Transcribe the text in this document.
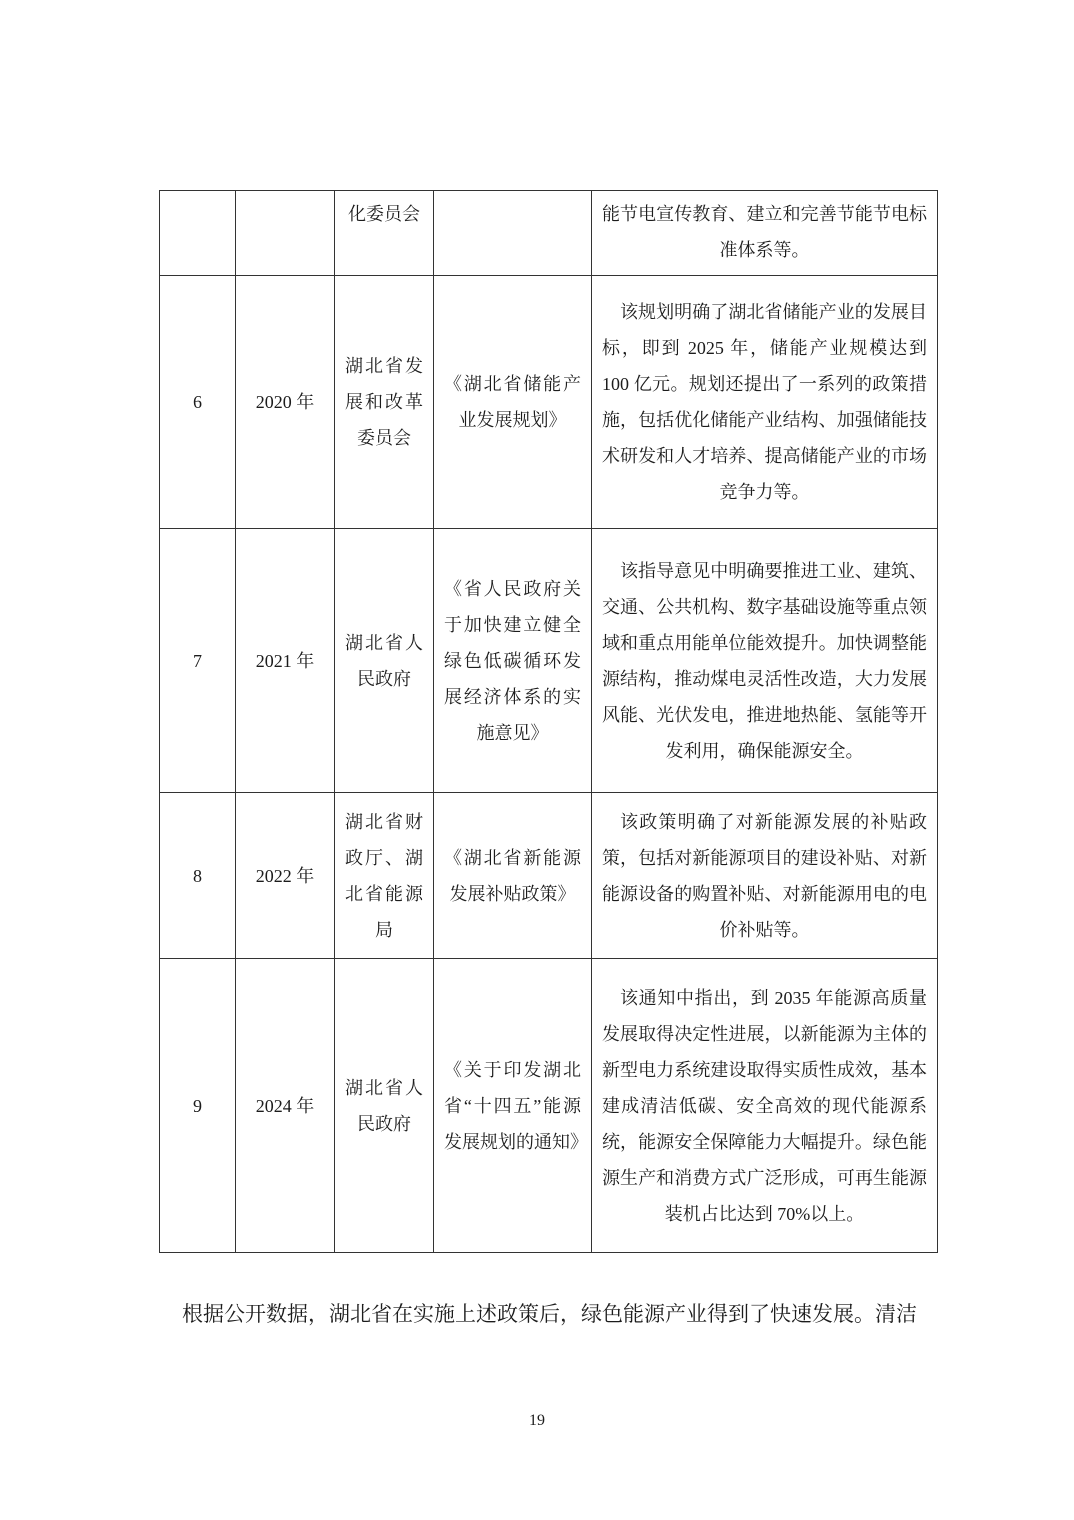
		化委员会		能节电宣传教育、建立和完善节能节电标准体系等。

6	2020 年	湖北省发展和改革委员会	《湖北省储能产业发展规划》	该规划明确了湖北省储能产业的发展目标，即到 2025 年，储能产业规模达到 100 亿元。规划还提出了一系列的政策措施，包括优化储能产业结构、加强储能技术研发和人才培养、提高储能产业的市场竞争力等。

7	2021 年	湖北省人民政府	《省人民政府关于加快建立健全绿色低碳循环发展经济体系的实施意见》	该指导意见中明确要推进工业、建筑、交通、公共机构、数字基础设施等重点领域和重点用能单位能效提升。加快调整能源结构，推动煤电灵活性改造，大力发展风能、光伏发电，推进地热能、氢能等开发利用，确保能源安全。

8	2022 年	湖北省财政厅、湖北省能源局	《湖北省新能源发展补贴政策》	该政策明确了对新能源发展的补贴政策，包括对新能源项目的建设补贴、对新能源设备的购置补贴、对新能源用电的电价补贴等。

9	2024 年	湖北省人民政府	《关于印发湖北省“十四五”能源发展规划的通知》	该通知中指出，到 2035 年能源高质量发展取得决定性进展，以新能源为主体的新型电力系统建设取得实质性成效，基本建成清洁低碳、安全高效的现代能源系统，能源安全保障能力大幅提升。绿色能源生产和消费方式广泛形成，可再生能源装机占比达到 70%以上。

根据公开数据，湖北省在实施上述政策后，绿色能源产业得到了快速发展。清洁

19
